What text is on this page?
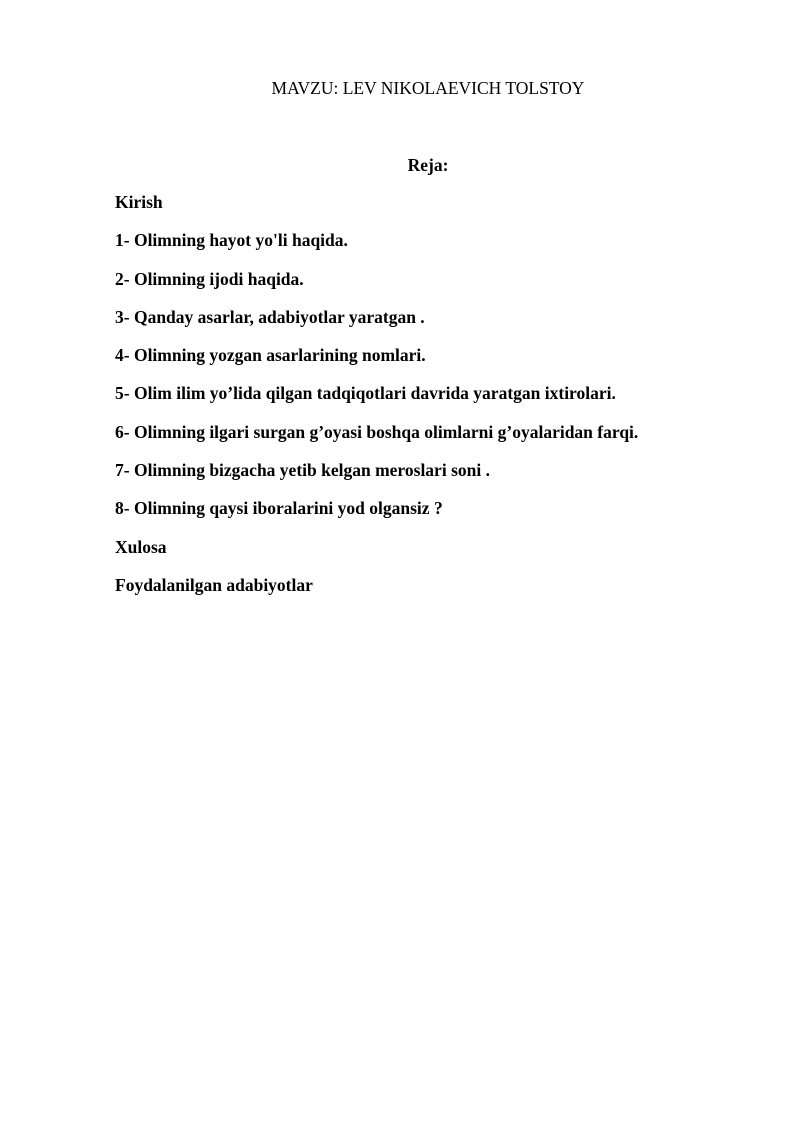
MAVZU: LEV NIKOLAEVICH TOLSTOY
Reja:
Kirish
1- Olimning hayot yo'li haqida.
2- Olimning ijodi haqida.
3- Qanday asarlar, adabiyotlar yaratgan .
4- Olimning yozgan asarlarining nomlari.
5- Olim ilim yo’lida qilgan tadqiqotlari davrida yaratgan ixtirolari.
6- Olimning ilgari surgan g’oyasi boshqa olimlarni g’oyalaridan farqi.
7- Olimning bizgacha yetib kelgan meroslari soni .
8- Olimning qaysi iboralarini yod olgansiz ?
Xulosa
Foydalanilgan adabiyotlar
